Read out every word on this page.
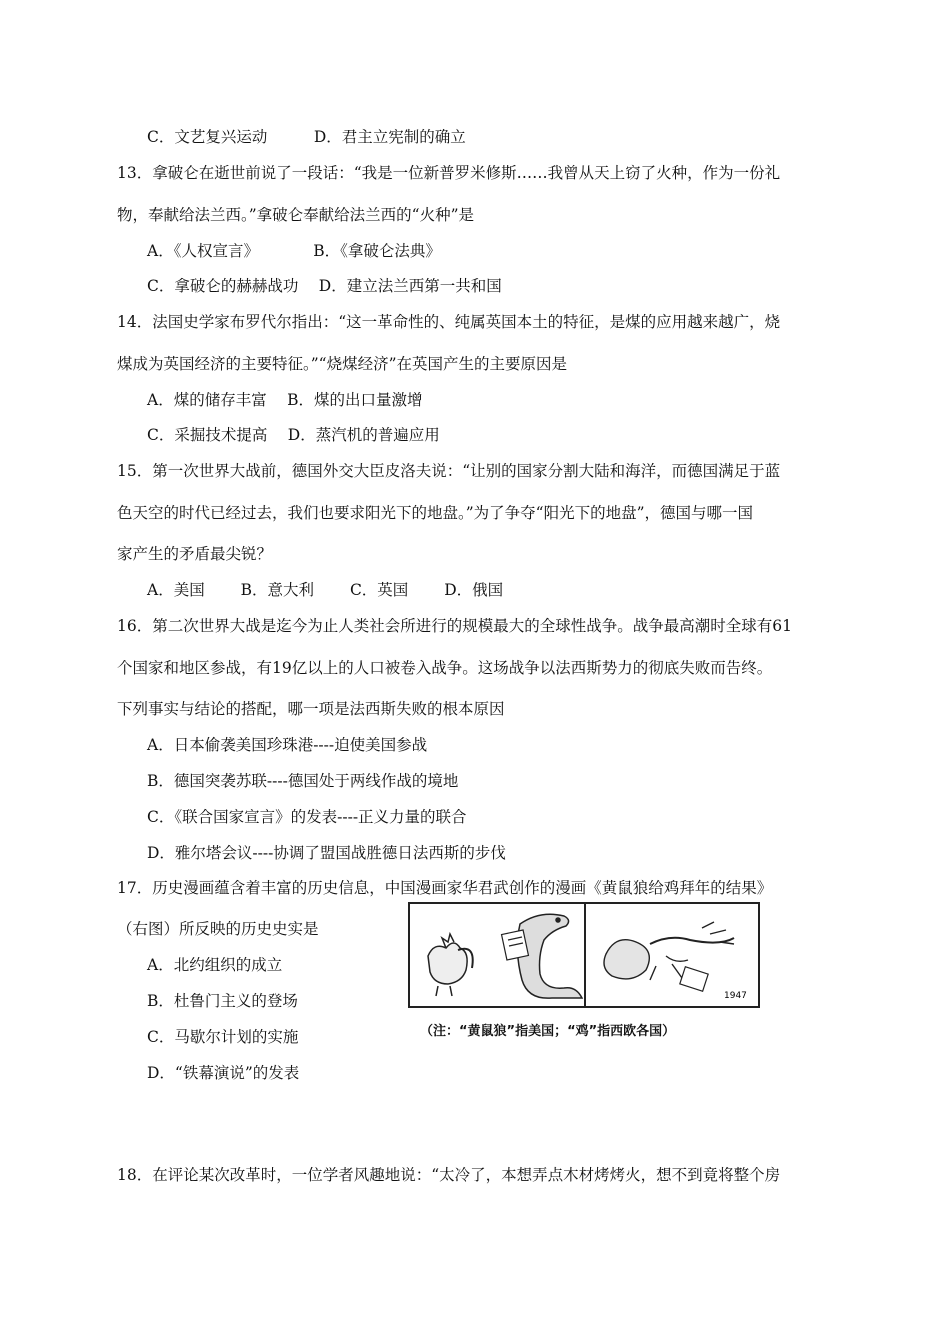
C．文艺复兴运动　　　D．君主立宪制的确立
13．拿破仑在逝世前说了一段话：“我是一位新普罗米修斯……我曾从天上窃了火种，作为一份礼
物，奉献给法兰西。”拿破仑奉献给法兰西的“火种”是
A．《人权宣言》　　　　B．《拿破仑法典》
C．拿破仑的赫赫战功　 D．建立法兰西第一共和国
14．法国史学家布罗代尔指出：“这一革命性的、纯属英国本土的特征，是煤的应用越来越广，烧
煤成为英国经济的主要特征。”“烧煤经济”在英国产生的主要原因是
A．煤的储存丰富　 B．煤的出口量激增
C．采掘技术提高　 D．蒸汽机的普遍应用
15．第一次世界大战前，德国外交大臣皮洛夫说：“让别的国家分割大陆和海洋，而德国满足于蓝
色天空的时代已经过去，我们也要求阳光下的地盘。”为了争夺“阳光下的地盘”，德国与哪一国
家产生的矛盾最尖锐？
A．美国　　 B．意大利　　 C．英国　　 D．俄国
16．第二次世界大战是迄今为止人类社会所进行的规模最大的全球性战争。战争最高潮时全球有61
个国家和地区参战，有19亿以上的人口被卷入战争。这场战争以法西斯势力的彻底失败而告终。
下列事实与结论的搭配，哪一项是法西斯失败的根本原因
A．日本偷袭美国珍珠港----迫使美国参战
B．德国突袭苏联----德国处于两线作战的境地
C．《联合国家宣言》的发表----正义力量的联合
D．雅尔塔会议----协调了盟国战胜德日法西斯的步伐
17．历史漫画蕴含着丰富的历史信息，中国漫画家华君武创作的漫画《黄鼠狼给鸡拜年的结果》
（右图）所反映的历史史实是
A．北约组织的成立
B．杜鲁门主义的登场
C．马歇尔计划的实施
D．“铁幕演说”的发表
1947
（注：“黄鼠狼”指美国；“鸡”指西欧各国）
18．在评论某次改革时，一位学者风趣地说：“太冷了，本想弄点木材烤烤火，想不到竟将整个房
